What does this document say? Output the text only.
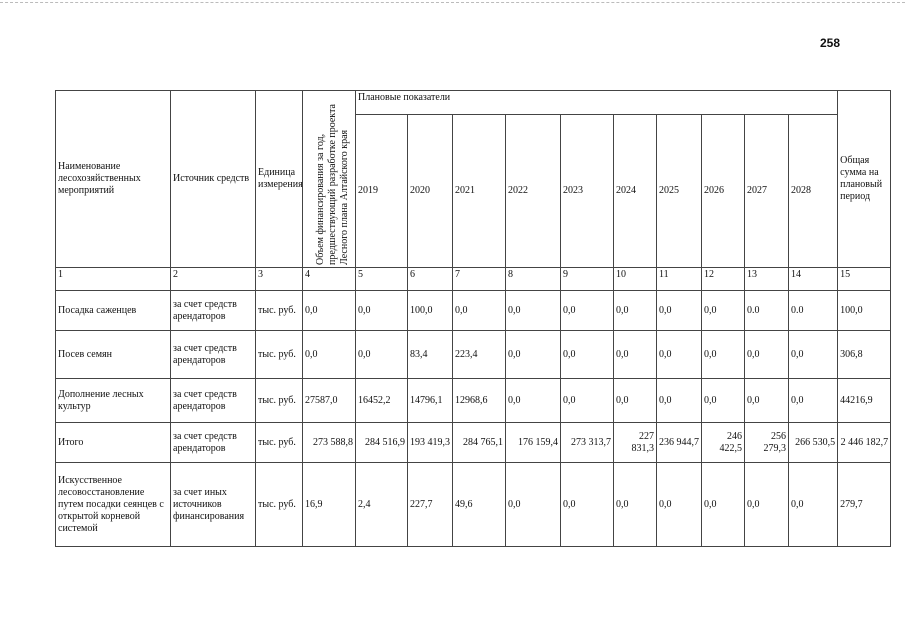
258
Наименование лесохозяйственных мероприятий	Источник средств	Единица измерения	Объем финансирования за год, предшествующий разработке проекта Лесного плана Алтайского края	Плановые показатели										Общая сумма на плановый период
				2019	2020	2021	2022	2023	2024	2025	2026	2027	2028	
1	2	3	4	5	6	7	8	9	10	11	12	13	14	15
Посадка саженцев	за счет средств арендаторов	тыс. руб.	0,0	0,0	100,0	0,0	0,0	0,0	0,0	0,0	0,0	0.0	0.0	100,0
Посев семян	за счет средств арендаторов	тыс. руб.	0,0	0,0	83,4	223,4	0,0	0,0	0,0	0,0	0,0	0,0	0,0	306,8
Дополнение лесных культур	за счет средств арендаторов	тыс. руб.	27587,0	16452,2	14796,1	12968,6	0,0	0,0	0,0	0,0	0,0	0,0	0,0	44216,9
Итого	за счет средств арендаторов	тыс. руб.	273 588,8	284 516,9	193 419,3	284 765,1	176 159,4	273 313,7	227 831,3	236 944,7	246 422,5	256 279,3	266 530,5	2 446 182,7
Искусственное лесовосстановление путем посадки сеянцев с открытой корневой системой	за счет иных источников финансирования	тыс. руб.	16,9	2,4	227,7	49,6	0,0	0,0	0,0	0,0	0,0	0,0	0,0	279,7
